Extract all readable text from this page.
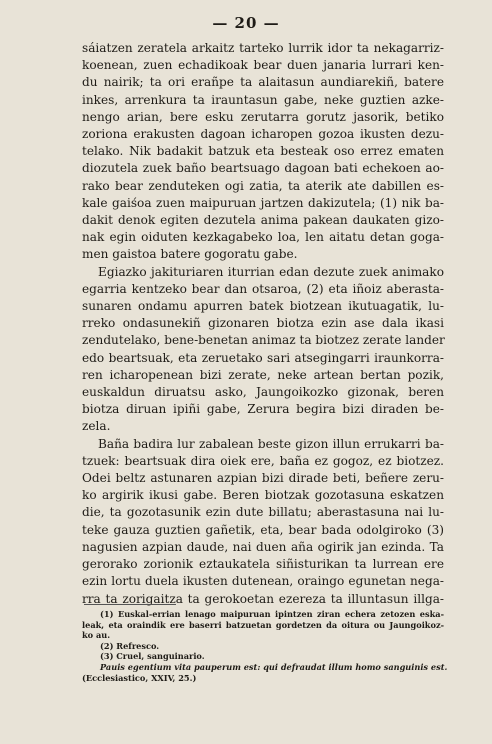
— 20 —

sáiatzen zeratela arkaitz tarteko lurrik idor ta nekagarriz-
koenean, zuen echadikoak bear duen janaria lurrari ken-
du nairik; ta ori erañpe ta alaitasun aundiarekiñ, batere
inkes, arrenkura ta irauntasun gabe, neke guztien azke-
nengo arian, bere esku zerutarra gorutz jasorik, betiko
zoriona erakusten dagoan icharopen gozoa ikusten dezu-
telako. Nik badakit batzuk eta besteak oso errez ematen
diozutela zuek baño beartsuago dagoan bati echekoen ao-
rako bear zenduteken ogi zatia, ta aterik ate dabillen es-
kale gaiśoa zuen maipuruan jartzen dakizutela; (1) nik ba-
dakit denok egiten dezutela anima pakean daukaten gizo-
nak egin oiduten kezkagabeko loa, len aitatu detan goga-
men gaistoa batere gogoratu gabe.

Egiazko jakituriaren iturrian edan dezute zuek animako
egarria kentzeko bear dan otsaroa, (2) eta iñoiz aberasta-
sunaren ondamu apurren batek biotzean ikutuagatik, lu-
rreko ondasunekiñ gizonaren biotza ezin ase dala ikasi
zendutelako, bene-benetan animaz ta biotzez zerate lander
edo beartsuak, eta zeruetako sari atsegingarri iraunkorra-
ren icharopenean bizi zerate, neke artean bertan pozik,
euskaldun diruatsu asko, Jaungoikozko gizonak, beren
biotza diruan ipiñi gabe, Zerura begira bizi diraden be-
zela.

Baña badira lur zabalean beste gizon illun errukarri ba-
tzuek: beartsuak dira oiek ere, baña ez gogoz, ez biotzez.
Odei beltz astunaren azpian bizi dirade beti, beñere zeru-
ko argirik ikusi gabe. Beren biotzak gozotasuna eskatzen
die, ta gozotasunik ezin dute billatu; aberastasuna nai lu-
teke gauza guztien gañetik, eta, bear bada odolgiroko (3)
nagusien azpian daude, nai duen aña ogirik jan ezinda. Ta
gerorako zorionik eztaukatela siñisturikan ta lurrean ere
ezin lortu duela ikusten dutenean, oraingo egunetan nega-
rra ta zorigaitza ta gerokoetan ezereza ta illuntasun illga-

(1) Euskal-errian lenago maipuruan ipintzen ziran echera zetozen eska-
leak, eta oraindik ere baserri batzuetan gordetzen da oitura ou Jaungoikoz-
ko au.
(2) Refresco.
(3) Cruel, sanguinario.
Pauis egentium vita pauperum est: qui defraudat illum homo sanguinis est.
(Ecclesiastico, XXIV, 25.)
